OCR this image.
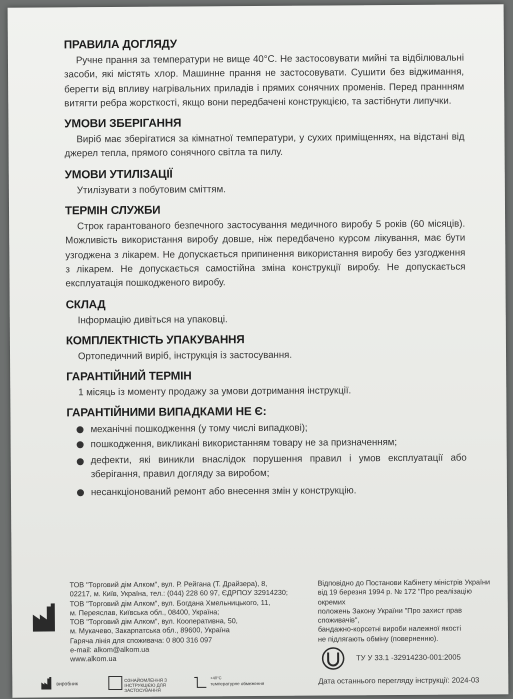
ПРАВИЛА ДОГЛЯДУ

Ручне прання за температури не вище 40°С. Не застосовувати мийні та відбілювальні засоби, які містять хлор. Машинне прання не застосовувати. Сушити без віджимання, берегти від впливу нагрівальних приладів і прямих сонячних променів. Перед праннням витягти ребра жорсткості, якщо вони передбачені конструкцією, та застібнути липучки.

УМОВИ ЗБЕРІГАННЯ

Виріб має зберігатися за кімнатної температури, у сухих приміщеннях, на відстані від джерел тепла, прямого сонячного світла та пилу.

УМОВИ УТИЛІЗАЦІЇ

Утилізувати з побутовим сміттям.

ТЕРМІН СЛУЖБИ

Строк гарантованого безпечного застосування медичного виробу 5 років (60 місяців). Можливість використання виробу довше, ніж передбачено курсом лікування, має бути узгоджена з лікарем. Не допускається припинення використання виробу без узгодження з лікарем. Не допускається самостійна зміна конструкції виробу. Не допускається експлуатація пошкодженого виробу.

СКЛАД

Інформацію дивіться на упаковці.

КОМПЛЕКТНІСТЬ УПАКУВАННЯ

Ортопедичний виріб, інструкція із застосування.

ГАРАНТІЙНИЙ ТЕРМІН

1 місяць із моменту продажу за умови дотримання інструкції.

ГАРАНТІЙНИМИ ВИПАДКАМИ НЕ Є:
механічні пошкодження (у тому числі випадкові);
пошкодження, викликані використанням товару не за призначенням;
дефекти, які виникли внаслідок порушення правил і умов експлуатації або зберігання, правил догляду за виробом;
несанкціонований ремонт або внесення змін у конструкцію.
ТОВ "Торговий дім Алком", вул. Р. Рейгана (Т. Драйзера), 8,
02217, м. Київ, Україна, тел.: (044) 228 60 97, ЄДРПОУ 32914230;
ТОВ "Торговий дім Алком", вул. Богдана Хмельницького, 11,
м. Переяслав, Київська обл., 08400, Україна;
ТОВ "Торговий дім Алком", вул. Кооперативна, 50,
м. Мукачево, Закарпатська обл., 89600, Україна
Гаряча лінія для споживача: 0 800 316 097
e-mail: alkom@alkom.ua
www.alkom.ua
Відповідно до Постанови Кабінету міністрів України
від 19 березня 1994 р. № 172 "Про реалізацію окремих
положень Закону України "Про захист прав споживачів",
бандажно-корсетні вироби належної якості
не підлягають обміну (поверненню).
ТУ У 33.1 -32914230-001:2005
Дата останнього перегляду інструкції: 2024-03
виробник
ОЗНАЙОМЛЕННЯ З ІНСТРУКЦІЄЮ ДЛЯ ЗАСТОСУВАННЯ
+40°С
температурне обмеження
